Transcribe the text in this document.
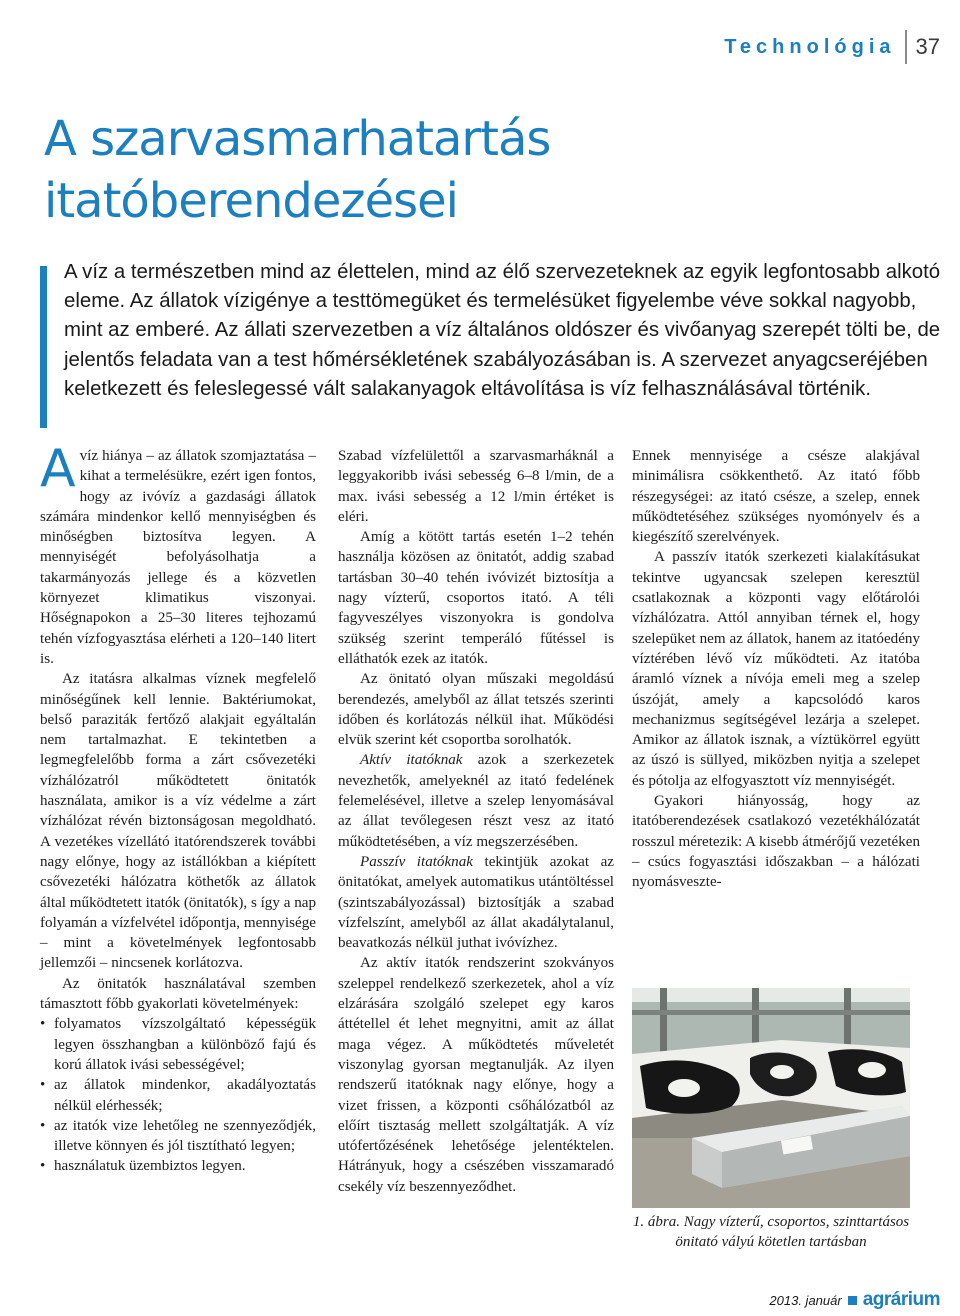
Technológia 37
A szarvasmarhatartás
itatóberendezései

A víz a természetben mind az élettelen, mind az élő szervezeteknek az egyik legfontosabb alkotó eleme. Az állatok vízigénye a testtömegüket és termelésüket figyelembe véve sokkal nagyobb, mint az emberé. Az állati szervezetben a víz általános oldószer és vivőanyag szerepét tölti be, de jelentős feladata van a test hőmérsékletének szabályozásában is. A szervezet anyagcseréjében keletkezett és feleslegessé vált salakanyagok eltávolítása is víz felhasználásával történik.

Avíz hiánya – az állatok szomjaztatása – kihat a termelésükre, ezért igen fontos, hogy az ivóvíz a gazdasági állatok számára mindenkor kellő mennyiségben és minőségben biztosítva legyen. A mennyiségét befolyásolhatja a takarmányozás jellege és a közvetlen környezet klimatikus viszonyai. Hőségnapokon a 25–30 literes tejhozamú tehén vízfogyasztása elérheti a 120–140 litert is.

Az itatásra alkalmas víznek megfelelő minőségűnek kell lennie. Baktériumokat, belső paraziták fertőző alakjait egyáltalán nem tartalmazhat. E tekintetben a legmegfelelőbb forma a zárt csővezetéki vízhálózatról működtetett önitatók használata, amikor is a víz védelme a zárt vízhálózat révén biztonságosan megoldható. A vezetékes vízellátó itatórendszerek további nagy előnye, hogy az istállókban a kiépített csővezetéki hálózatra köthetők az állatok által működtetett itatók (önitatók), s így a nap folyamán a vízfelvétel időpontja, mennyisége – mint a követelmények legfontosabb jellemzői – nincsenek korlátozva.

Az önitatók használatával szemben támasztott főbb gyakorlati követelmények:

• folyamatos vízszolgáltató képességük legyen összhangban a különböző fajú és korú állatok ivási sebességével;
• az állatok mindenkor, akadályoztatás nélkül elérhessék;
• az itatók vize lehetőleg ne szennyeződjék, illetve könnyen és jól tisztítható legyen;
• használatuk üzembiztos legyen.

Szabad vízfelülettől a szarvasmarháknál a leggyakoribb ivási sebesség 6–8 l/min, de a max. ivási sebesség a 12 l/min értéket is eléri.

Amíg a kötött tartás esetén 1–2 tehén használja közösen az önitatót, addig szabad tartásban 30–40 tehén ivóvizét biztosítja a nagy vízterű, csoportos itató. A téli fagyveszélyes viszonyokra is gondolva szükség szerint temperáló fűtéssel is elláthatók ezek az itatók.

Az önitató olyan műszaki megoldású berendezés, amelyből az állat tetszés szerinti időben és korlátozás nélkül ihat. Működési elvük szerint két csoportba sorolhatók.

Aktív itatóknak azok a szerkezetek nevezhetők, amelyeknél az itató fedelének felemelésével, illetve a szelep lenyomásával az állat tevőlegesen részt vesz az itató működtetésében, a víz megszerzésében.

Passzív itatóknak tekintjük azokat az önitatókat, amelyek automatikus utántöltéssel (szintszabályozással) biztosítják a szabad vízfelszínt, amelyből az állat akadálytalanul, beavatkozás nélkül juthat ivóvízhez.

Az aktív itatók rendszerint szokványos szeleppel rendelkező szerkezetek, ahol a víz elzárására szolgáló szelepet egy karos áttétellel ét lehet megnyitni, amit az állat maga végez. A működtetés műveletét viszonylag gyorsan megtanulják. Az ilyen rendszerű itatóknak nagy előnye, hogy a vizet frissen, a központi csőhálózatból az előírt tisztaság mellett szolgáltatják. A víz utófertőzésének lehetősége jelentéktelen. Hátrányuk, hogy a csészében visszamaradó csekély víz beszennyeződhet.

Ennek mennyisége a csésze alakjával minimálisra csökkenthető. Az itató főbb részegységei: az itató csésze, a szelep, ennek működtetéséhez szükséges nyomónyelv és a kiegészítő szerelvények.

A passzív itatók szerkezeti kialakításukat tekintve ugyancsak szelepen keresztül csatlakoznak a központi vagy előtárolói vízhálózatra. Attól annyiban térnek el, hogy szelepüket nem az állatok, hanem az itatóedény víztérében lévő víz működteti. Az itatóba áramló víznek a nívója emeli meg a szelep úszóját, amely a kapcsolódó karos mechanizmus segítségével lezárja a szelepet. Amikor az állatok isznak, a víztükörrel együtt az úszó is süllyed, miközben nyitja a szelepet és pótolja az elfogyasztott víz mennyiségét.

Gyakori hiányosság, hogy az itatóberendezések csatlakozó vezetékhálózatát rosszul méretezik: A kisebb átmérőjű vezetéken – csúcs fogyasztási időszakban – a hálózati nyomásveszte-

1. ábra. Nagy vízterű, csoportos, szinttartásos önitató vályú kötetlen tartásban

2013. január agrárium
